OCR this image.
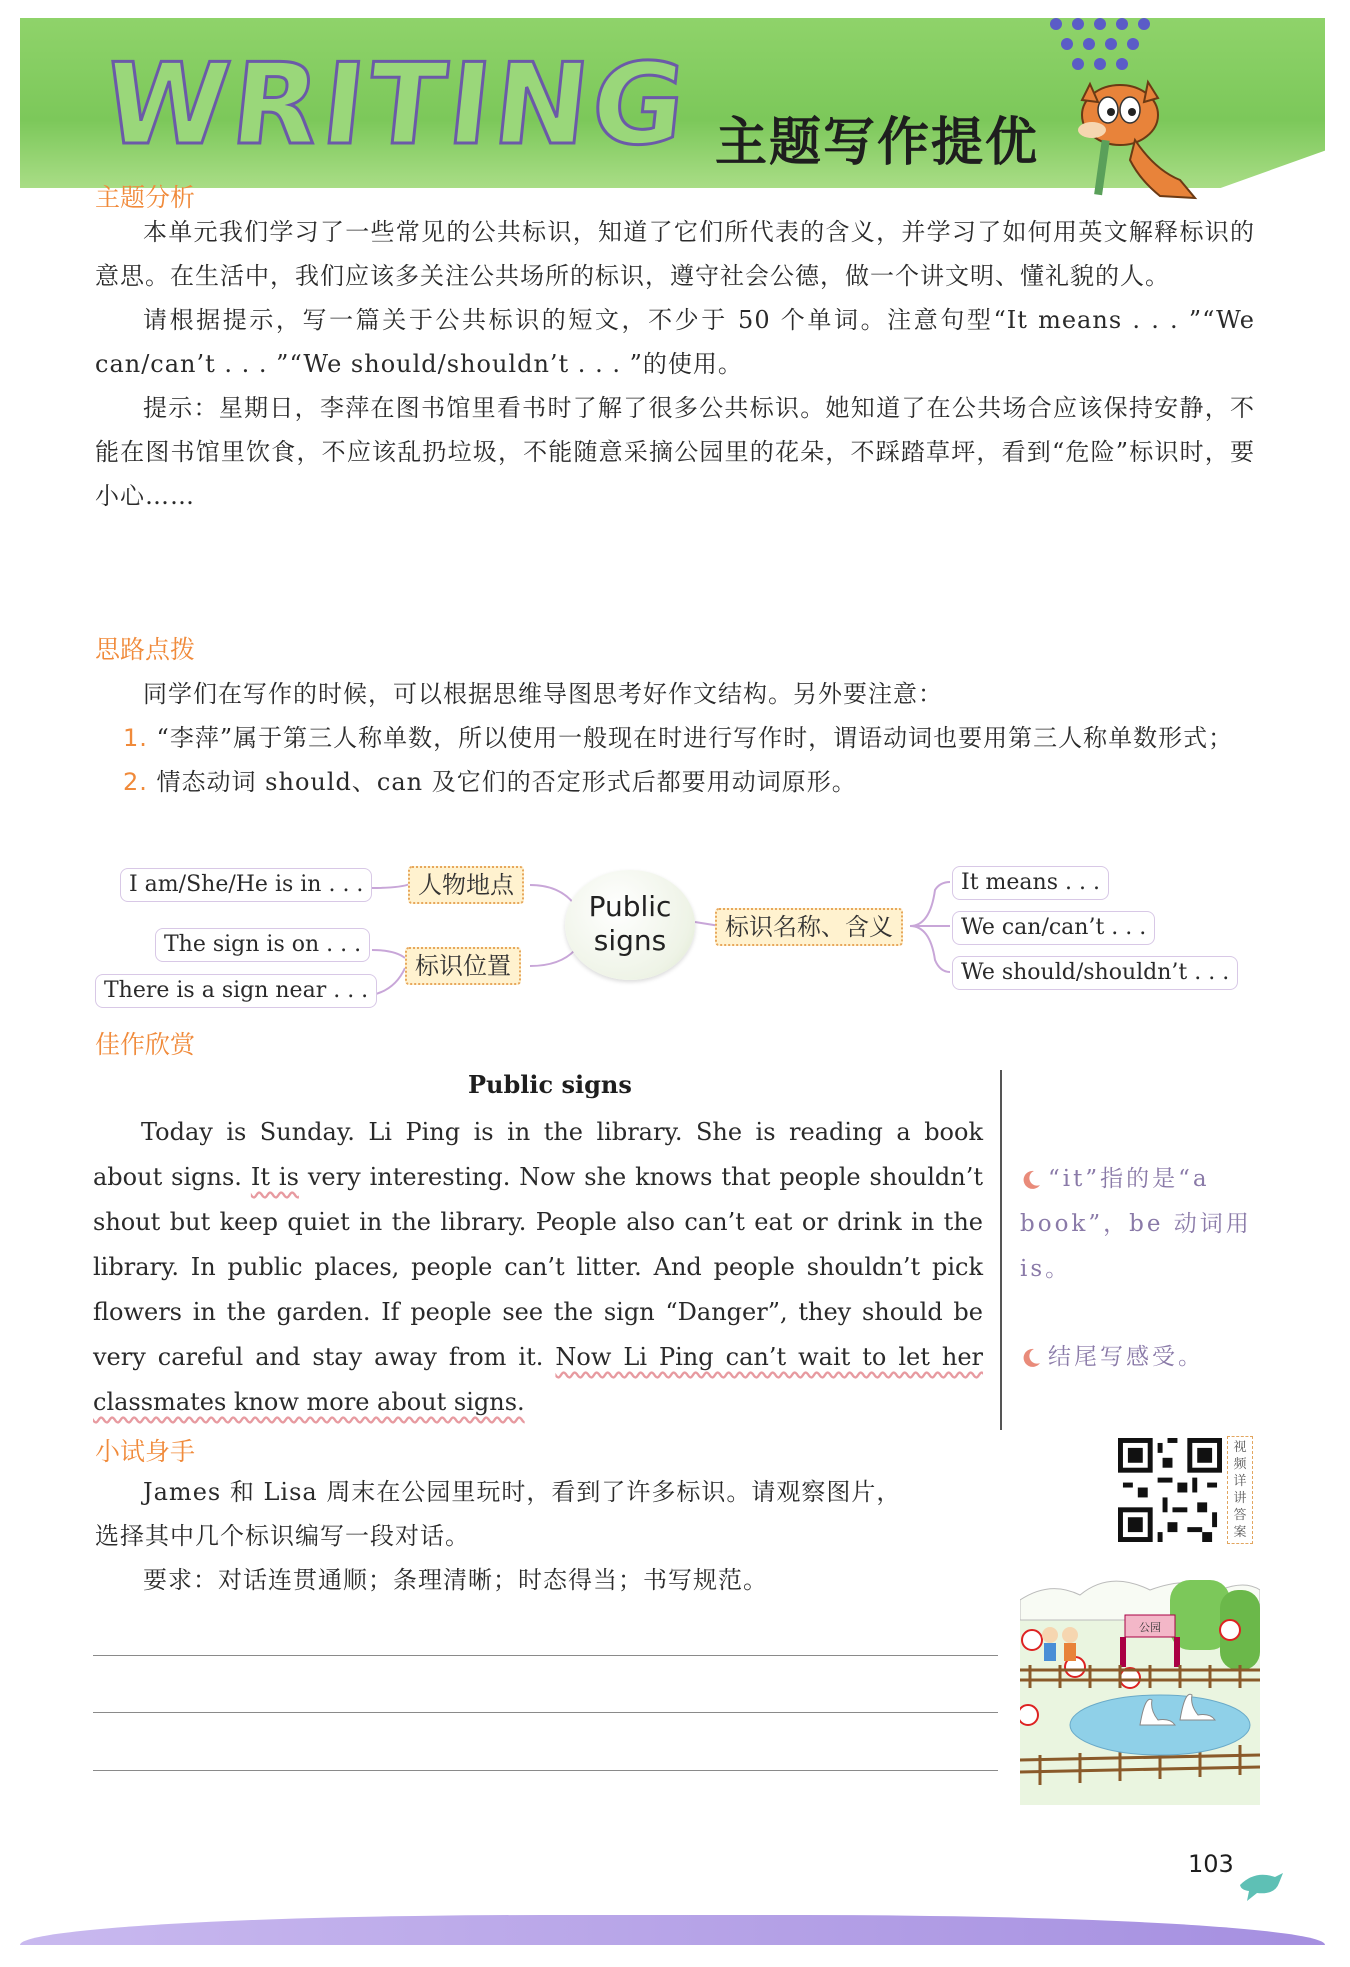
WRITING 主题写作提优
主题分析

本单元我们学习了一些常见的公共标识，知道了它们所代表的含义，并学习了如何用英文解释标识的意思。在生活中，我们应该多关注公共场所的标识，遵守社会公德，做一个讲文明、懂礼貌的人。

请根据提示，写一篇关于公共标识的短文，不少于 50 个单词。注意句型“It means . . . ”“We can/can’t . . . ”“We should/shouldn’t . . . ”的使用。

提示：星期日，李萍在图书馆里看书时了解了很多公共标识。她知道了在公共场合应该保持安静，不能在图书馆里饮食，不应该乱扔垃圾，不能随意采摘公园里的花朵，不踩踏草坪，看到“危险”标识时，要小心……

思路点拨

同学们在写作的时候，可以根据思维导图思考好作文结构。另外要注意：

1. “李萍”属于第三人称单数，所以使用一般现在时进行写作时，谓语动词也要用第三人称单数形式；
2. 情态动词 should、can 及它们的否定形式后都要用动词原形。
I am/She/He is in . . .
The sign is on . . .
There is a sign near . . .
人物地点
标识位置
Public
signs	标识名称、含义
It means . . .
We can/can’t . . .
We should/shouldn’t . . .
佳作欣赏
Public signs

Today is Sunday. Li Ping is in the library. She is reading a book about signs. It is very interesting. Now she knows that people shouldn’t shout but keep quiet in the library. People also can’t eat or drink in the library. In public places, people can’t litter. And people shouldn’t pick flowers in the garden. If people see the sign “Danger”, they should be very careful and stay away from it. Now Li Ping can’t wait to let her classmates know more about signs.

“it”指的是“a book”，be 动词用 is。
结尾写感受。
小试身手

James 和 Lisa 周末在公园里玩时，看到了许多标识。请观察图片，

选择其中几个标识编写一段对话。

要求：对话连贯通顺；条理清晰；时态得当；书写规范。

视频详讲答案
公园
103
